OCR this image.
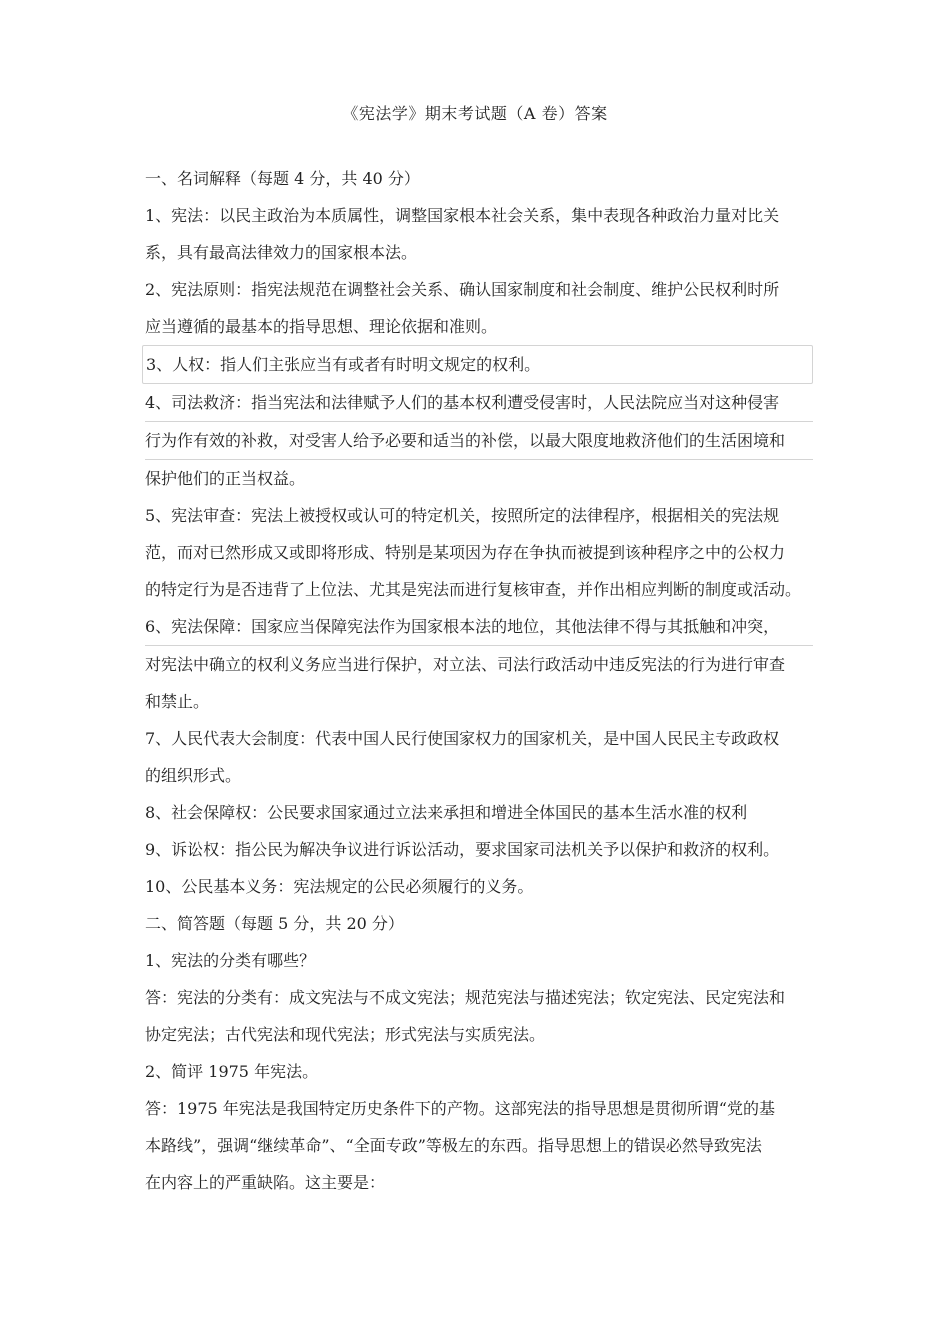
《宪法学》期末考试题（A 卷）答案
一、名词解释（每题 4 分，共 40 分）
1、宪法：以民主政治为本质属性，调整国家根本社会关系，集中表现各种政治力量对比关
系，具有最高法律效力的国家根本法。
2、宪法原则：指宪法规范在调整社会关系、确认国家制度和社会制度、维护公民权利时所
应当遵循的最基本的指导思想、理论依据和准则。
3、人权：指人们主张应当有或者有时明文规定的权利。
4、司法救济：指当宪法和法律赋予人们的基本权利遭受侵害时，人民法院应当对这种侵害
行为作有效的补救，对受害人给予必要和适当的补偿，以最大限度地救济他们的生活困境和
保护他们的正当权益。
5、宪法审查：宪法上被授权或认可的特定机关，按照所定的法律程序，根据相关的宪法规
范，而对已然形成又或即将形成、特别是某项因为存在争执而被提到该种程序之中的公权力
的特定行为是否违背了上位法、尤其是宪法而进行复核审查，并作出相应判断的制度或活动。
6、宪法保障：国家应当保障宪法作为国家根本法的地位，其他法律不得与其抵触和冲突，
对宪法中确立的权利义务应当进行保护，对立法、司法行政活动中违反宪法的行为进行审查
和禁止。
7、人民代表大会制度：代表中国人民行使国家权力的国家机关，是中国人民民主专政政权
的组织形式。
8、社会保障权：公民要求国家通过立法来承担和增进全体国民的基本生活水准的权利
9、诉讼权：指公民为解决争议进行诉讼活动，要求国家司法机关予以保护和救济的权利。
10、公民基本义务：宪法规定的公民必须履行的义务。
二、简答题（每题 5 分，共 20 分）
1、宪法的分类有哪些？
答：宪法的分类有：成文宪法与不成文宪法；规范宪法与描述宪法；钦定宪法、民定宪法和
协定宪法；古代宪法和现代宪法；形式宪法与实质宪法。
2、简评 1975 年宪法。
答：1975 年宪法是我国特定历史条件下的产物。这部宪法的指导思想是贯彻所谓“党的基
本路线”，强调“继续革命”、“全面专政”等极左的东西。指导思想上的错误必然导致宪法
在内容上的严重缺陷。这主要是：
